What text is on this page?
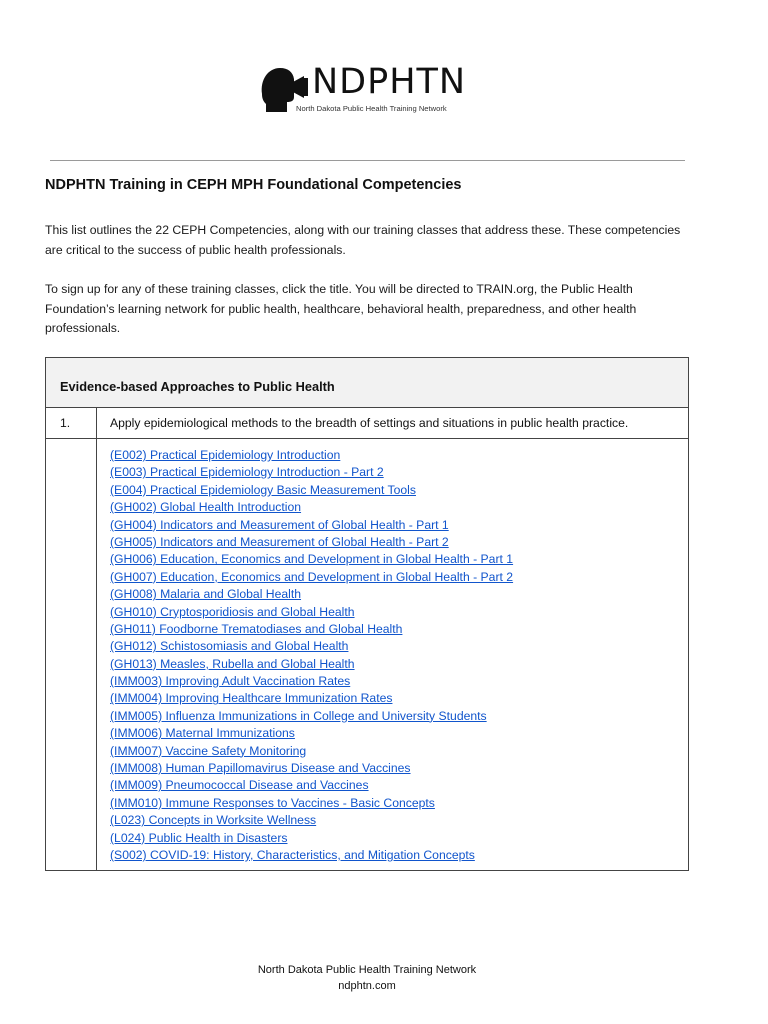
NDPHTN
North Dakota Public Health Training Network
NDPHTN Training in CEPH MPH Foundational Competencies
This list outlines the 22 CEPH Competencies, along with our training classes that address these. These competencies are critical to the success of public health professionals.
To sign up for any of these training classes, click the title. You will be directed to TRAIN.org, the Public Health Foundation’s learning network for public health, healthcare, behavioral health, preparedness, and other health professionals.
Evidence-based Approaches to Public Health
1.	Apply epidemiological methods to the breadth of settings and situations in public health practice.
(E002) Practical Epidemiology Introduction
(E003) Practical Epidemiology Introduction - Part 2
(E004) Practical Epidemiology Basic Measurement Tools
(GH002) Global Health Introduction
(GH004) Indicators and Measurement of Global Health - Part 1
(GH005) Indicators and Measurement of Global Health - Part 2
(GH006) Education, Economics and Development in Global Health - Part 1
(GH007) Education, Economics and Development in Global Health - Part 2
(GH008) Malaria and Global Health
(GH010) Cryptosporidiosis and Global Health
(GH011) Foodborne Trematodiases and Global Health
(GH012) Schistosomiasis and Global Health
(GH013) Measles, Rubella and Global Health
(IMM003) Improving Adult Vaccination Rates
(IMM004) Improving Healthcare Immunization Rates
(IMM005) Influenza Immunizations in College and University Students
(IMM006) Maternal Immunizations
(IMM007) Vaccine Safety Monitoring
(IMM008) Human Papillomavirus Disease and Vaccines
(IMM009) Pneumococcal Disease and Vaccines
(IMM010) Immune Responses to Vaccines - Basic Concepts
(L023) Concepts in Worksite Wellness
(L024) Public Health in Disasters
(S002) COVID-19: History, Characteristics, and Mitigation Concepts
North Dakota Public Health Training Network
ndphtn.com
